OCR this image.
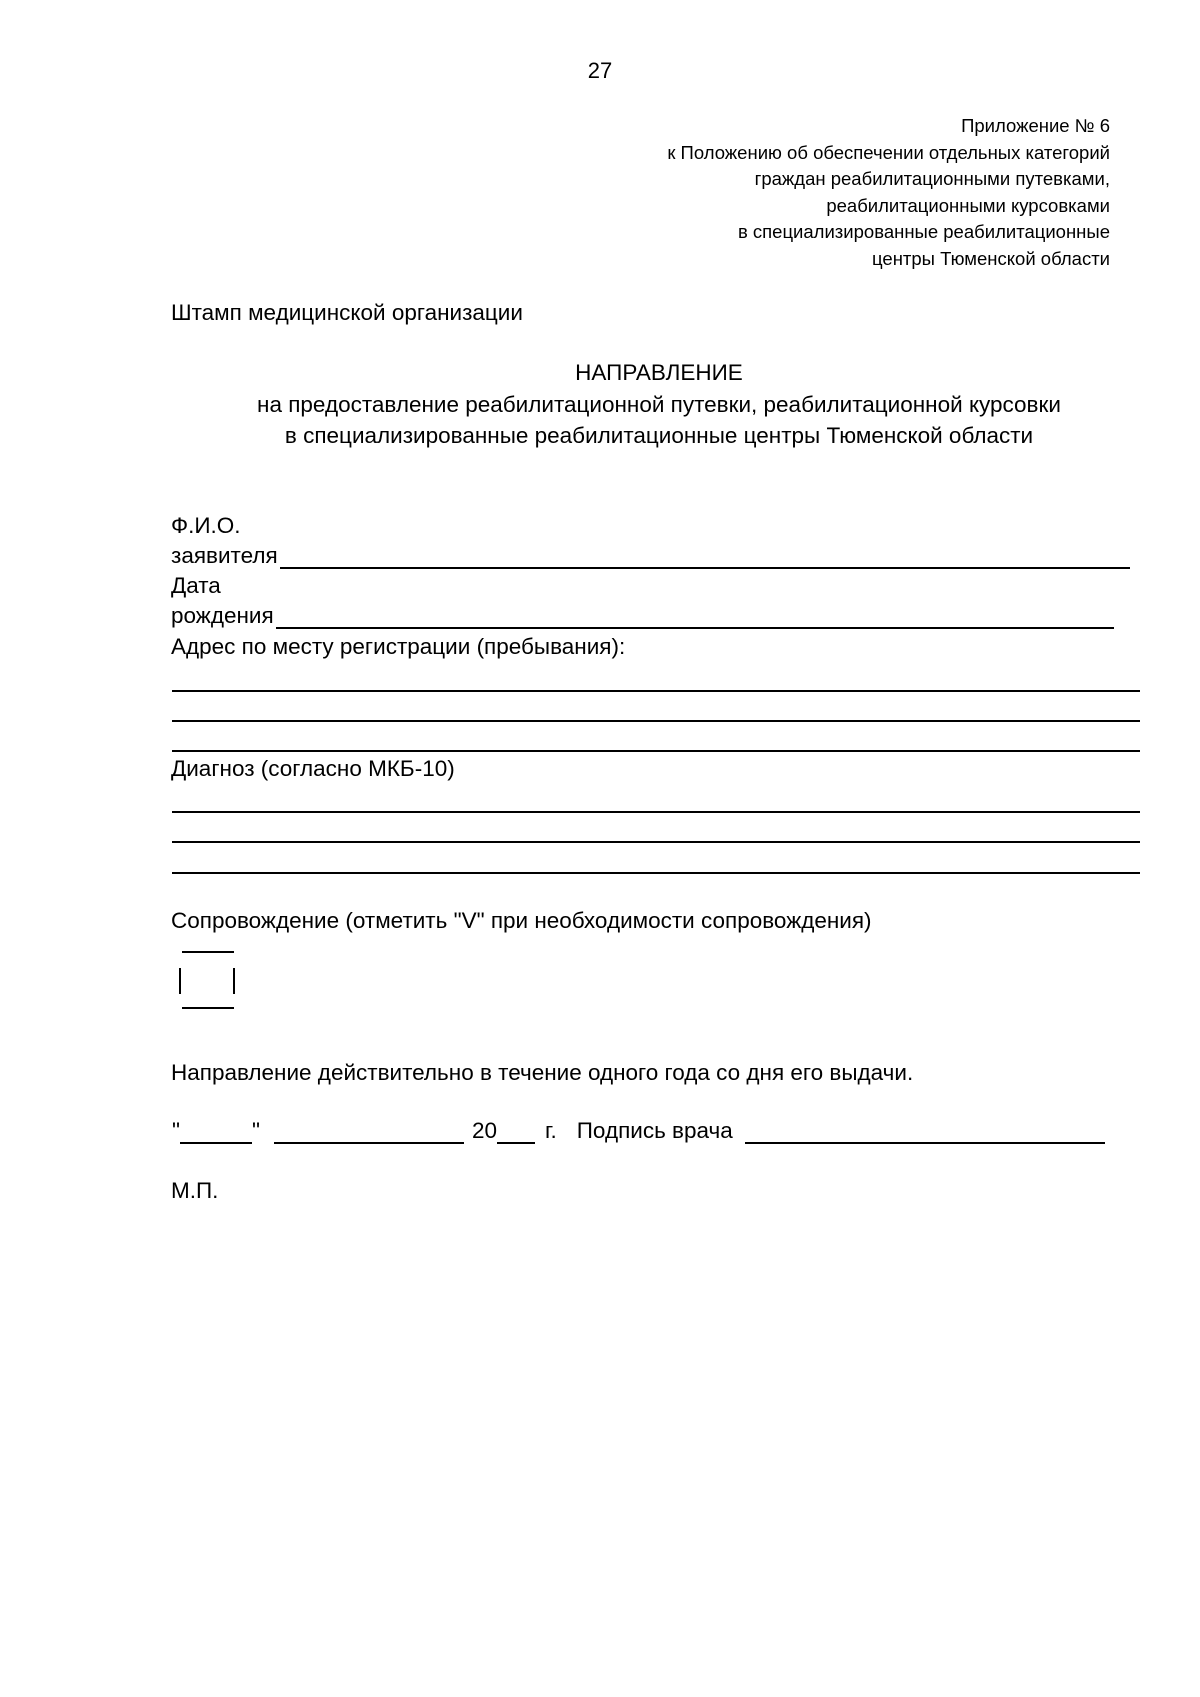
27
Приложение № 6
к Положению об обеспечении отдельных категорий
граждан реабилитационными путевками,
реабилитационными курсовками
в специализированные реабилитационные
центры Тюменской области
Штамп медицинской организации
НАПРАВЛЕНИЕ
на предоставление реабилитационной путевки, реабилитационной курсовки
в специализированные реабилитационные центры Тюменской области
Ф.И.О.
заявителя
Дата
рождения
Адрес по месту регистрации (пребывания):
Диагноз (согласно МКБ-10)
Сопровождение (отметить "V" при необходимости сопровождения)
Направление действительно в течение одного года со дня его выдачи.
"	"	20 г. Подпись врача
М.П.
